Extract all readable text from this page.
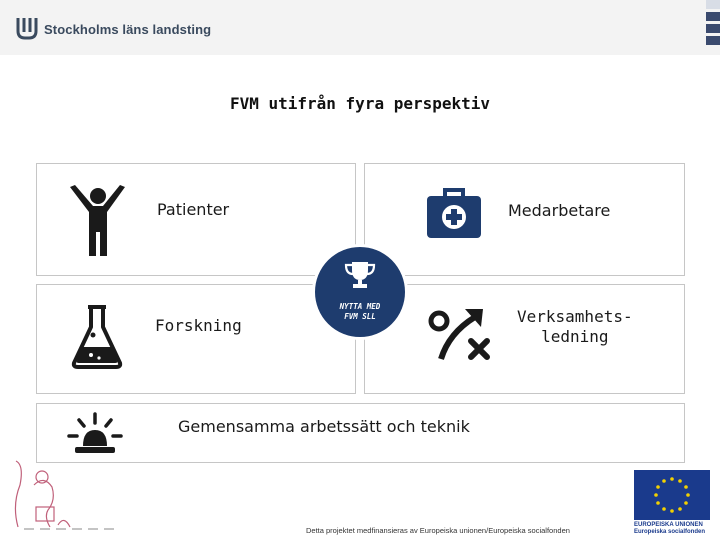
Stockholms läns landsting
FVM utifrån fyra perspektiv
Patienter	Medarbetare
Forskning	Verksamhets-
ledning
NYTTA MED
FVM SLL
Gemensamma arbetssätt och teknik
Detta projektet medfinansieras av Europeiska unionen/Europeiska socialfonden
EUROPEISKA UNIONEN
Europeiska socialfonden
